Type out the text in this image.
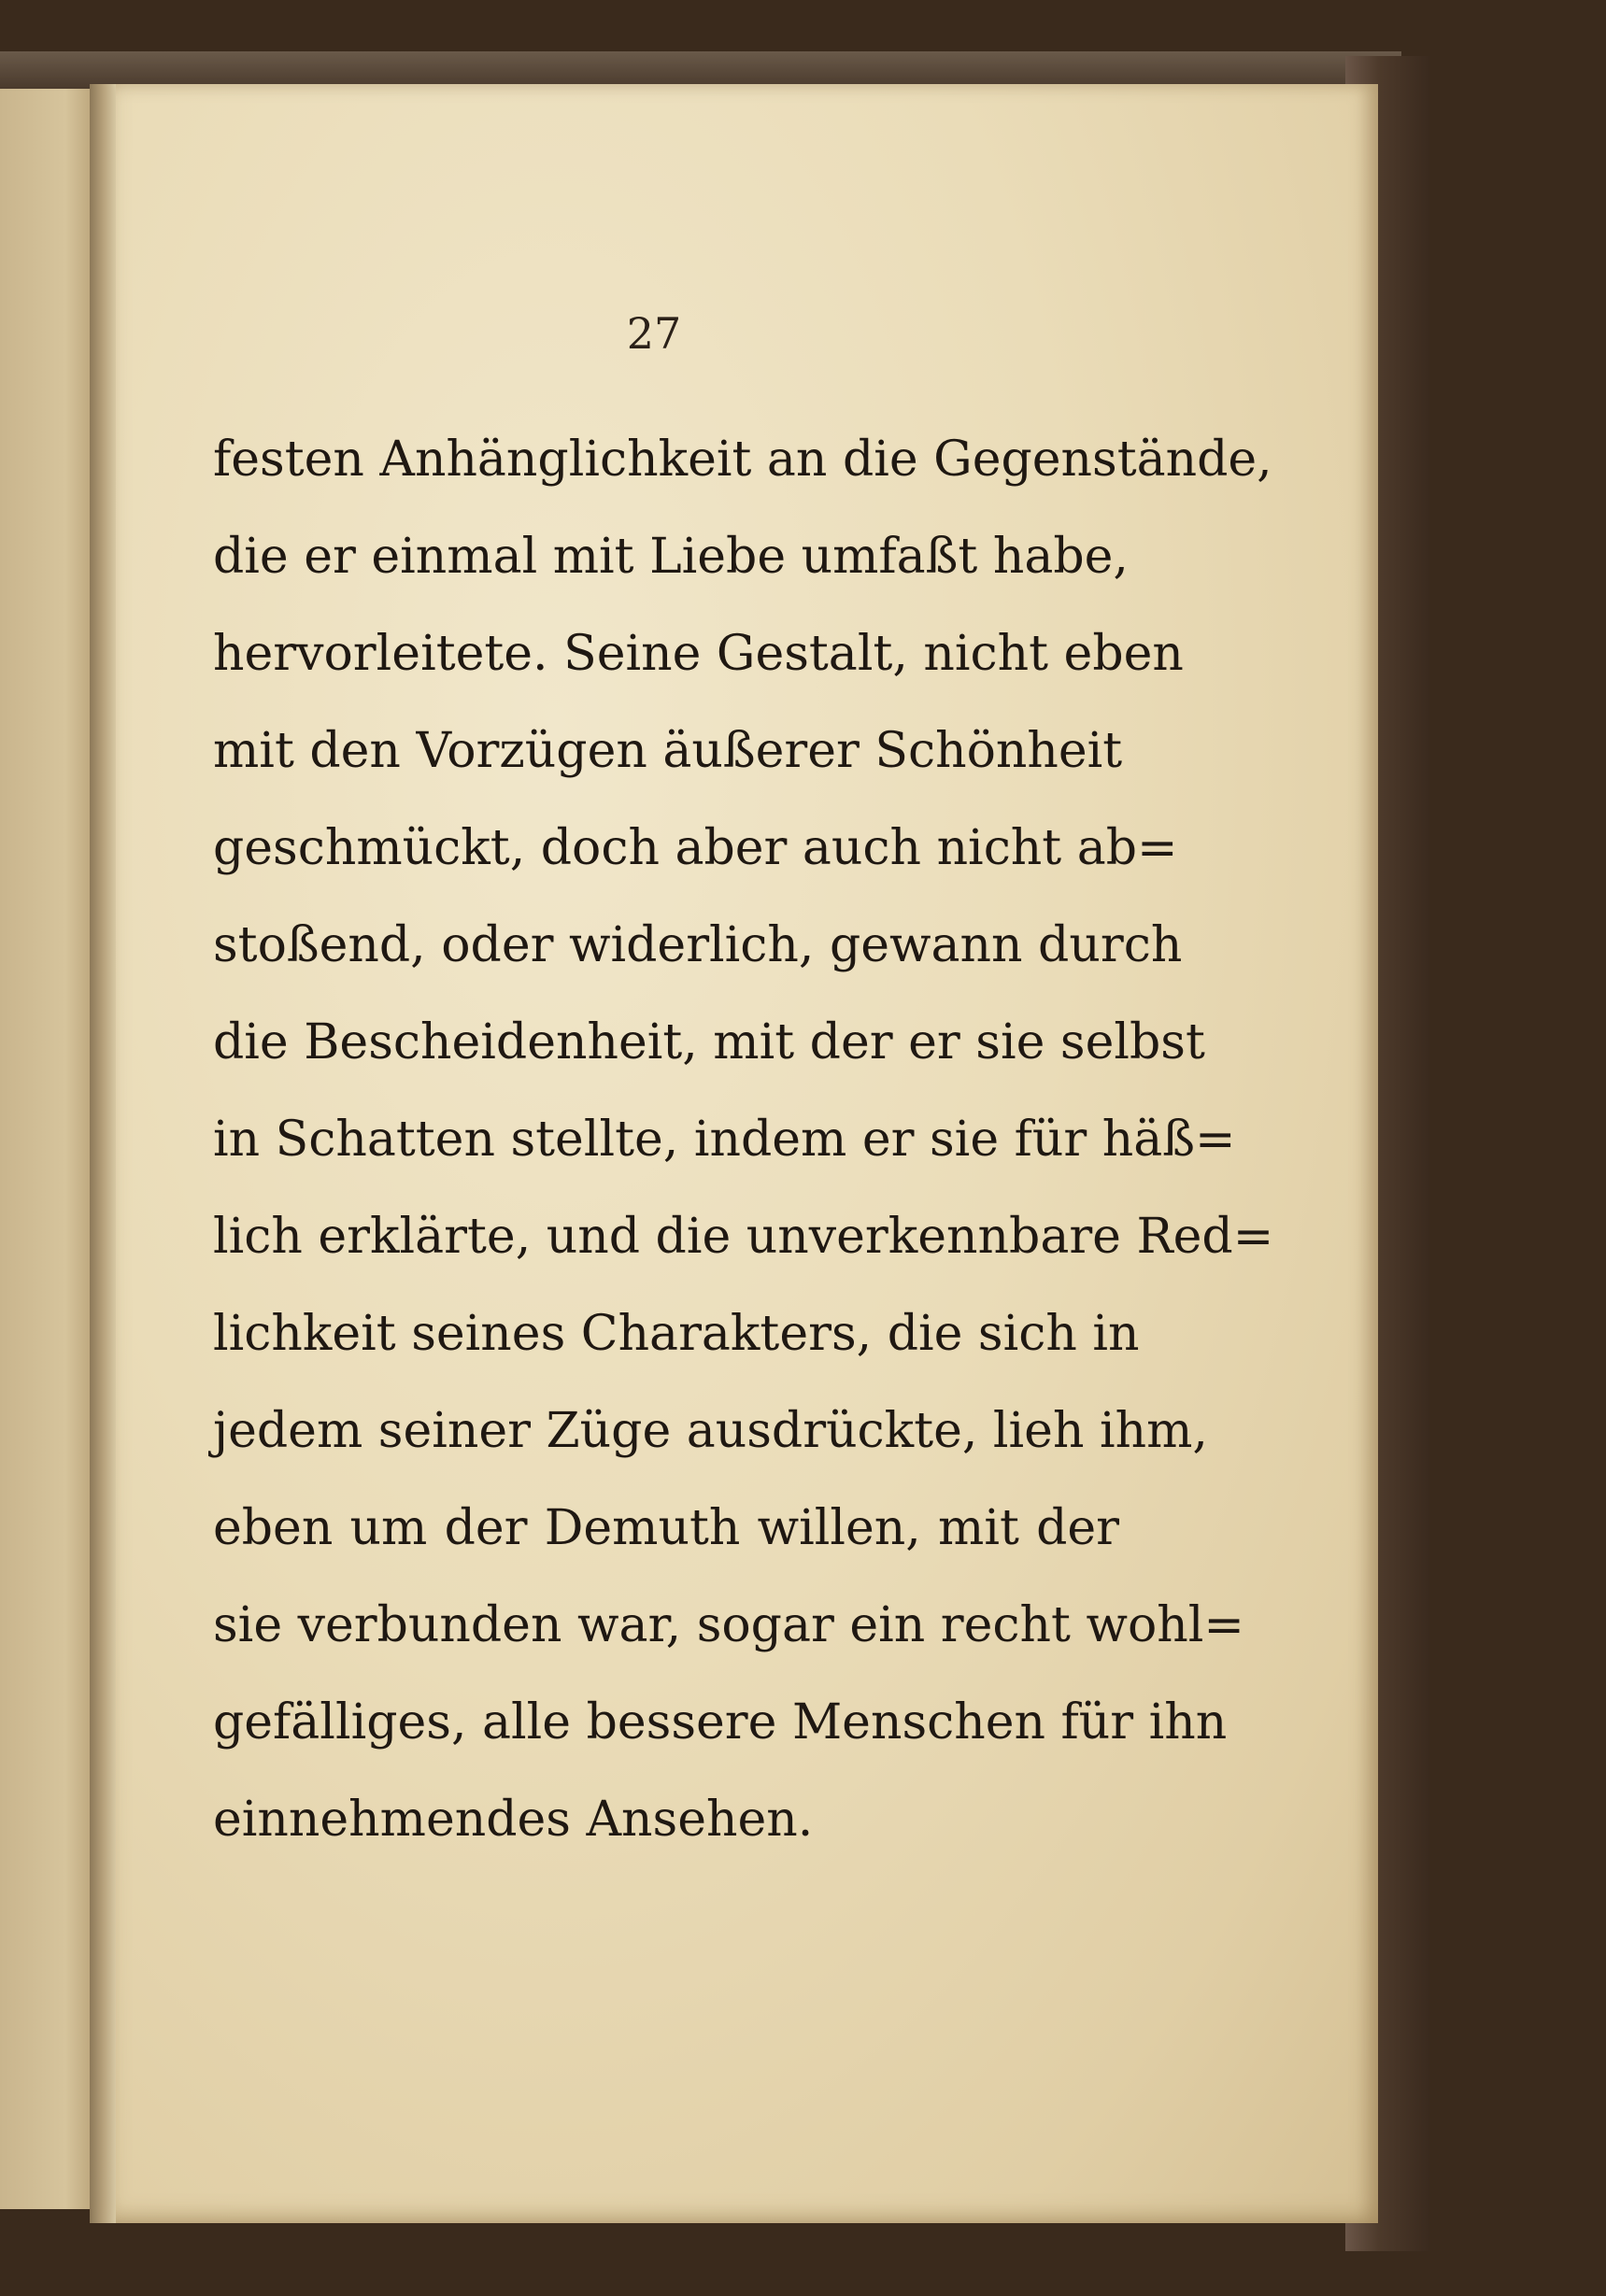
27
festen Anhänglichkeit an die Gegenstände,
die er einmal mit Liebe umfaßt habe,
hervorleitete. Seine Gestalt, nicht eben
mit den Vorzügen äußerer Schönheit
geschmückt, doch aber auch nicht ab=
stoßend, oder widerlich, gewann durch
die Bescheidenheit, mit der er sie selbst
in Schatten stellte, indem er sie für häß=
lich erklärte, und die unverkennbare Red=
lichkeit seines Charakters, die sich in
jedem seiner Züge ausdrückte, lieh ihm,
eben um der Demuth willen, mit der
sie verbunden war, sogar ein recht wohl=
gefälliges, alle bessere Menschen für ihn
einnehmendes Ansehen.
